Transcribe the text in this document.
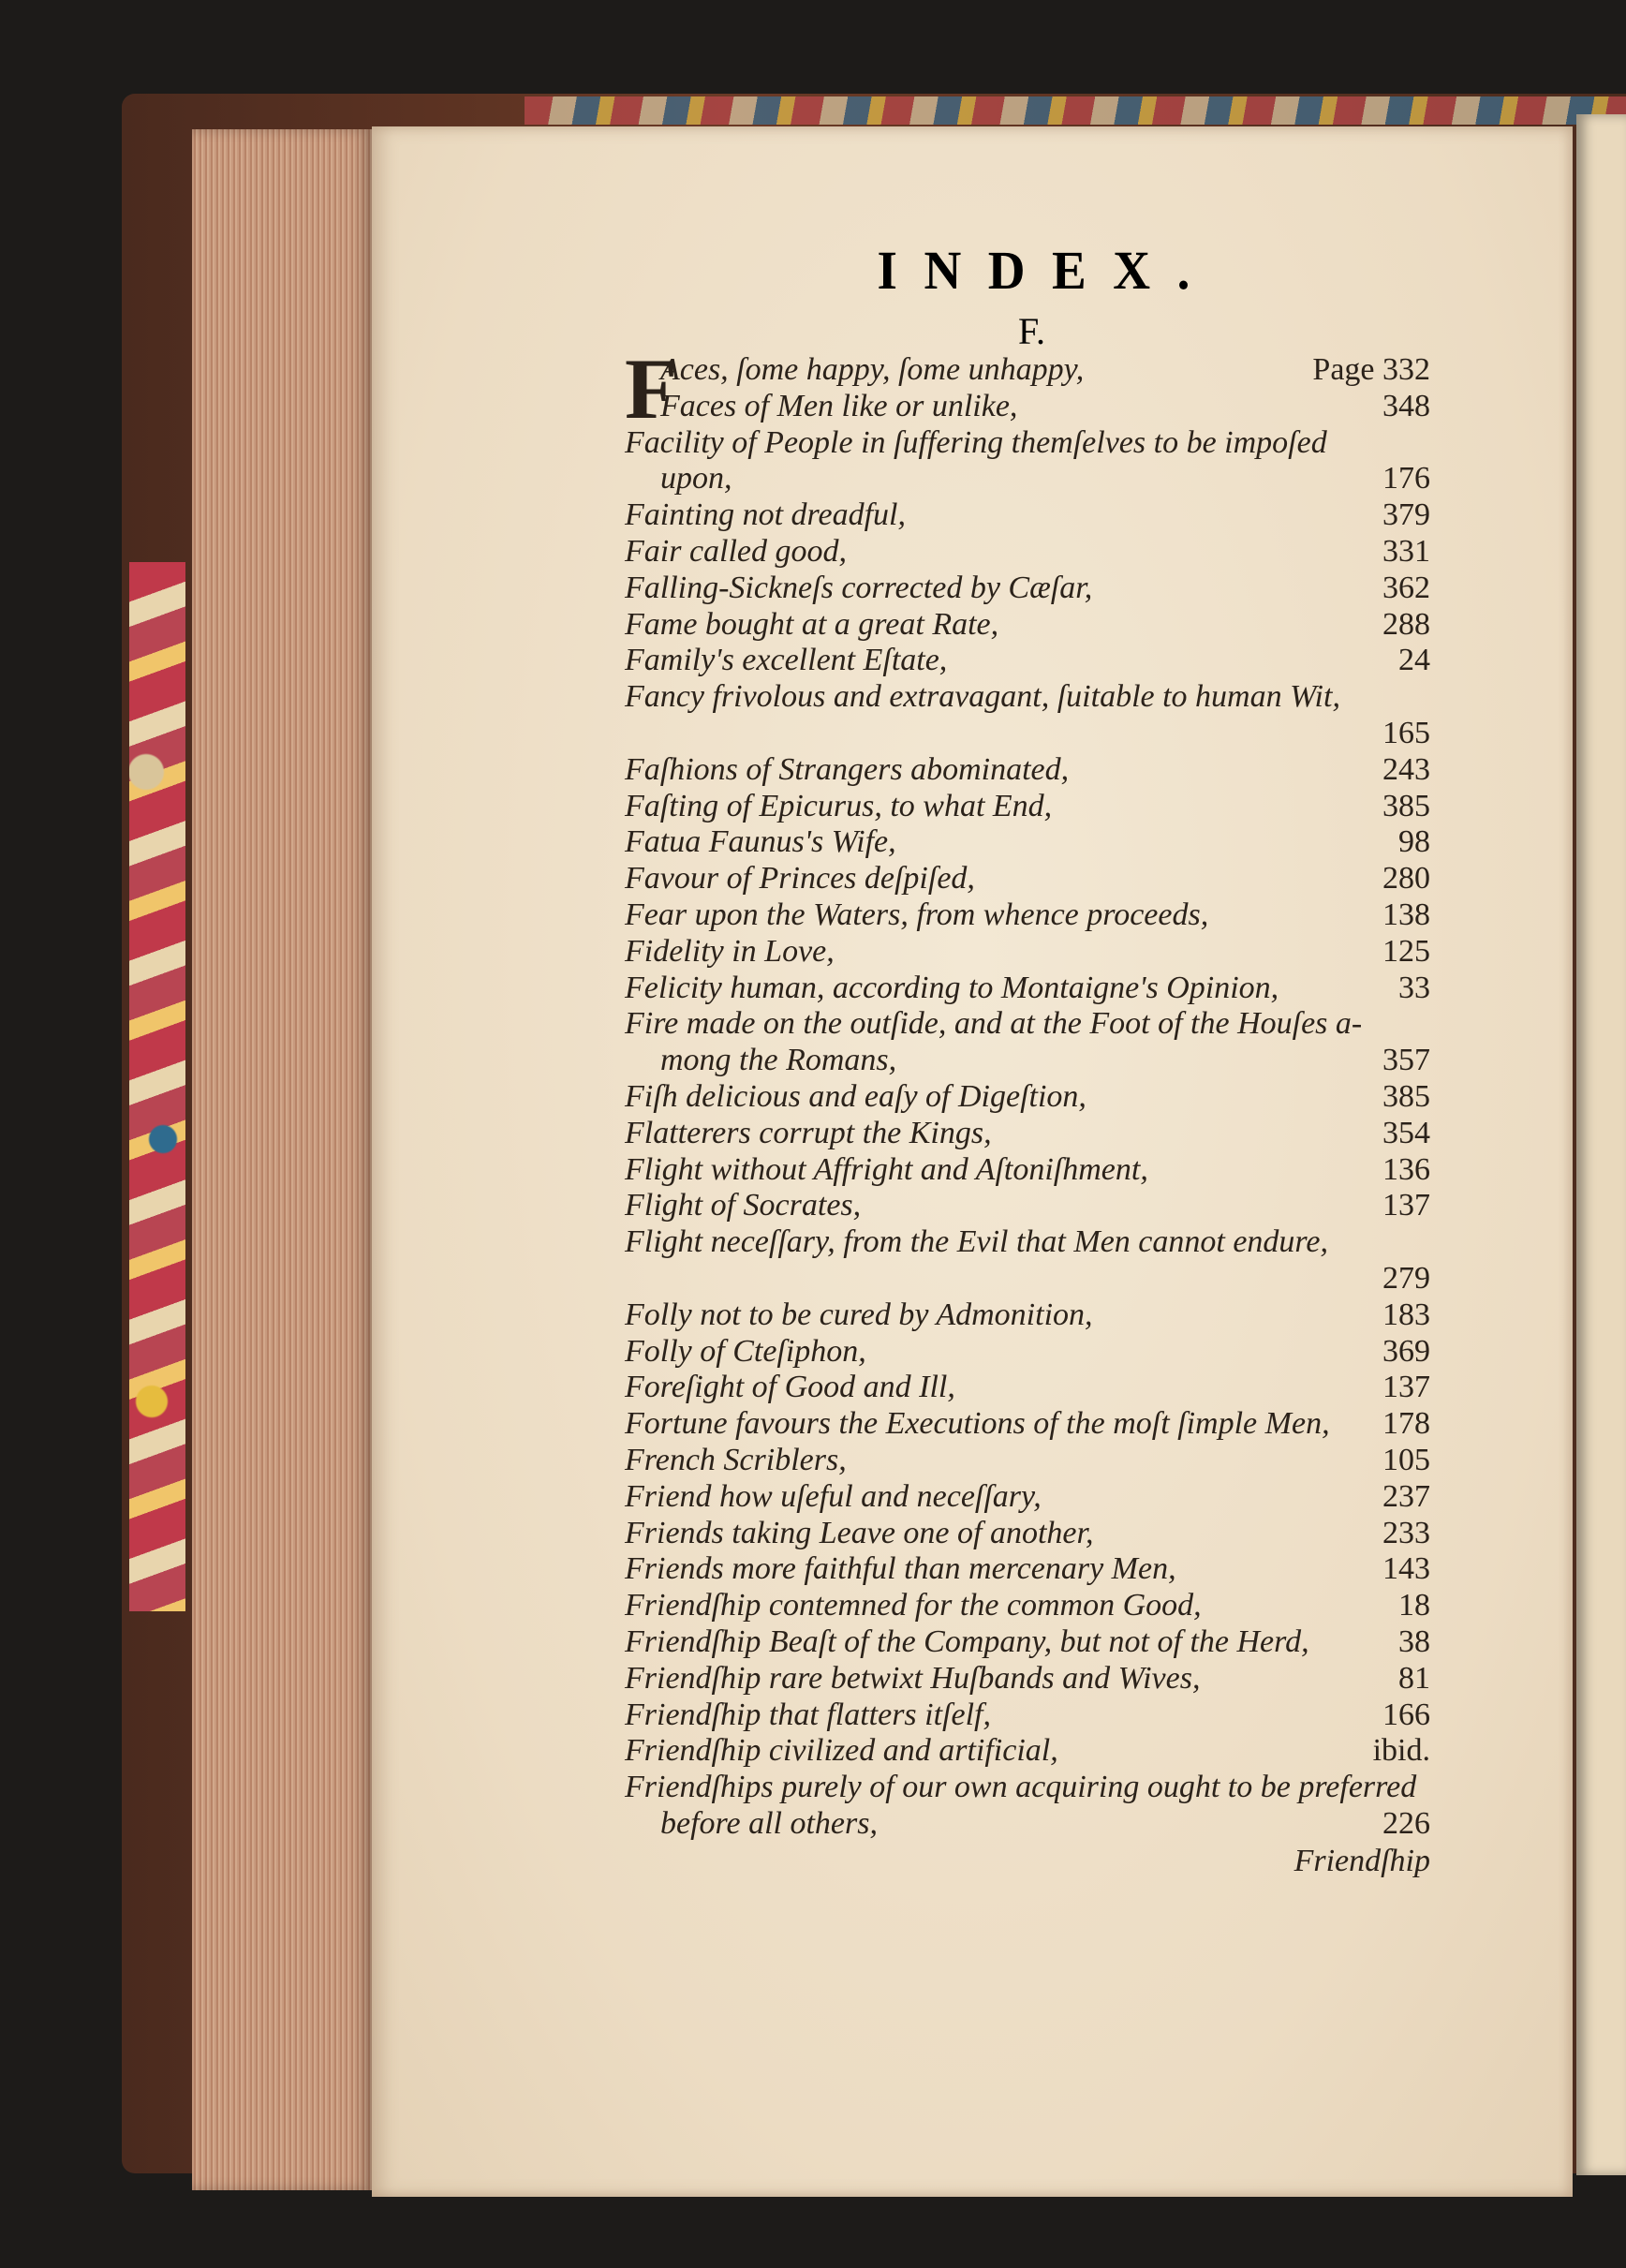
INDEX.
F.
F
Friendſhip
Aces, ſome happy, ſome unhappy,	Page 332
Faces of Men like or unlike,	348
Facility of People in ſuffering themſelves to be impoſed
upon,	176
Fainting not dreadful,	379
Fair called good,	331
Falling-Sickneſs corrected by Cæſar,	362
Fame bought at a great Rate,	288
Family's excellent Eſtate,	24
Fancy frivolous and extravagant, ſuitable to human Wit,
165
Faſhions of Strangers abominated,	243
Faſting of Epicurus, to what End,	385
Fatua Faunus's Wife,	98
Favour of Princes deſpiſed,	280
Fear upon the Waters, from whence proceeds,	138
Fidelity in Love,	125
Felicity human, according to Montaigne's Opinion,	33
Fire made on the outſide, and at the Foot of the Houſes a-
mong the Romans,	357
Fiſh delicious and eaſy of Digeſtion,	385
Flatterers corrupt the Kings,	354
Flight without Affright and Aſtoniſhment,	136
Flight of Socrates,	137
Flight neceſſary, from the Evil that Men cannot endure,
279
Folly not to be cured by Admonition,	183
Folly of Cteſiphon,	369
Foreſight of Good and Ill,	137
Fortune favours the Executions of the moſt ſimple Men, 178
French Scriblers,	105
Friend how uſeful and neceſſary,	237
Friends taking Leave one of another,	233
Friends more faithful than mercenary Men,	143
Friendſhip contemned for the common Good,	18
Friendſhip Beaſt of the Company, but not of the Herd,	38
Friendſhip rare betwixt Huſbands and Wives,	81
Friendſhip that flatters itſelf,	166
Friendſhip civilized and artificial,	ibid.
Friendſhips purely of our own acquiring ought to be preferred
before all others,	226
